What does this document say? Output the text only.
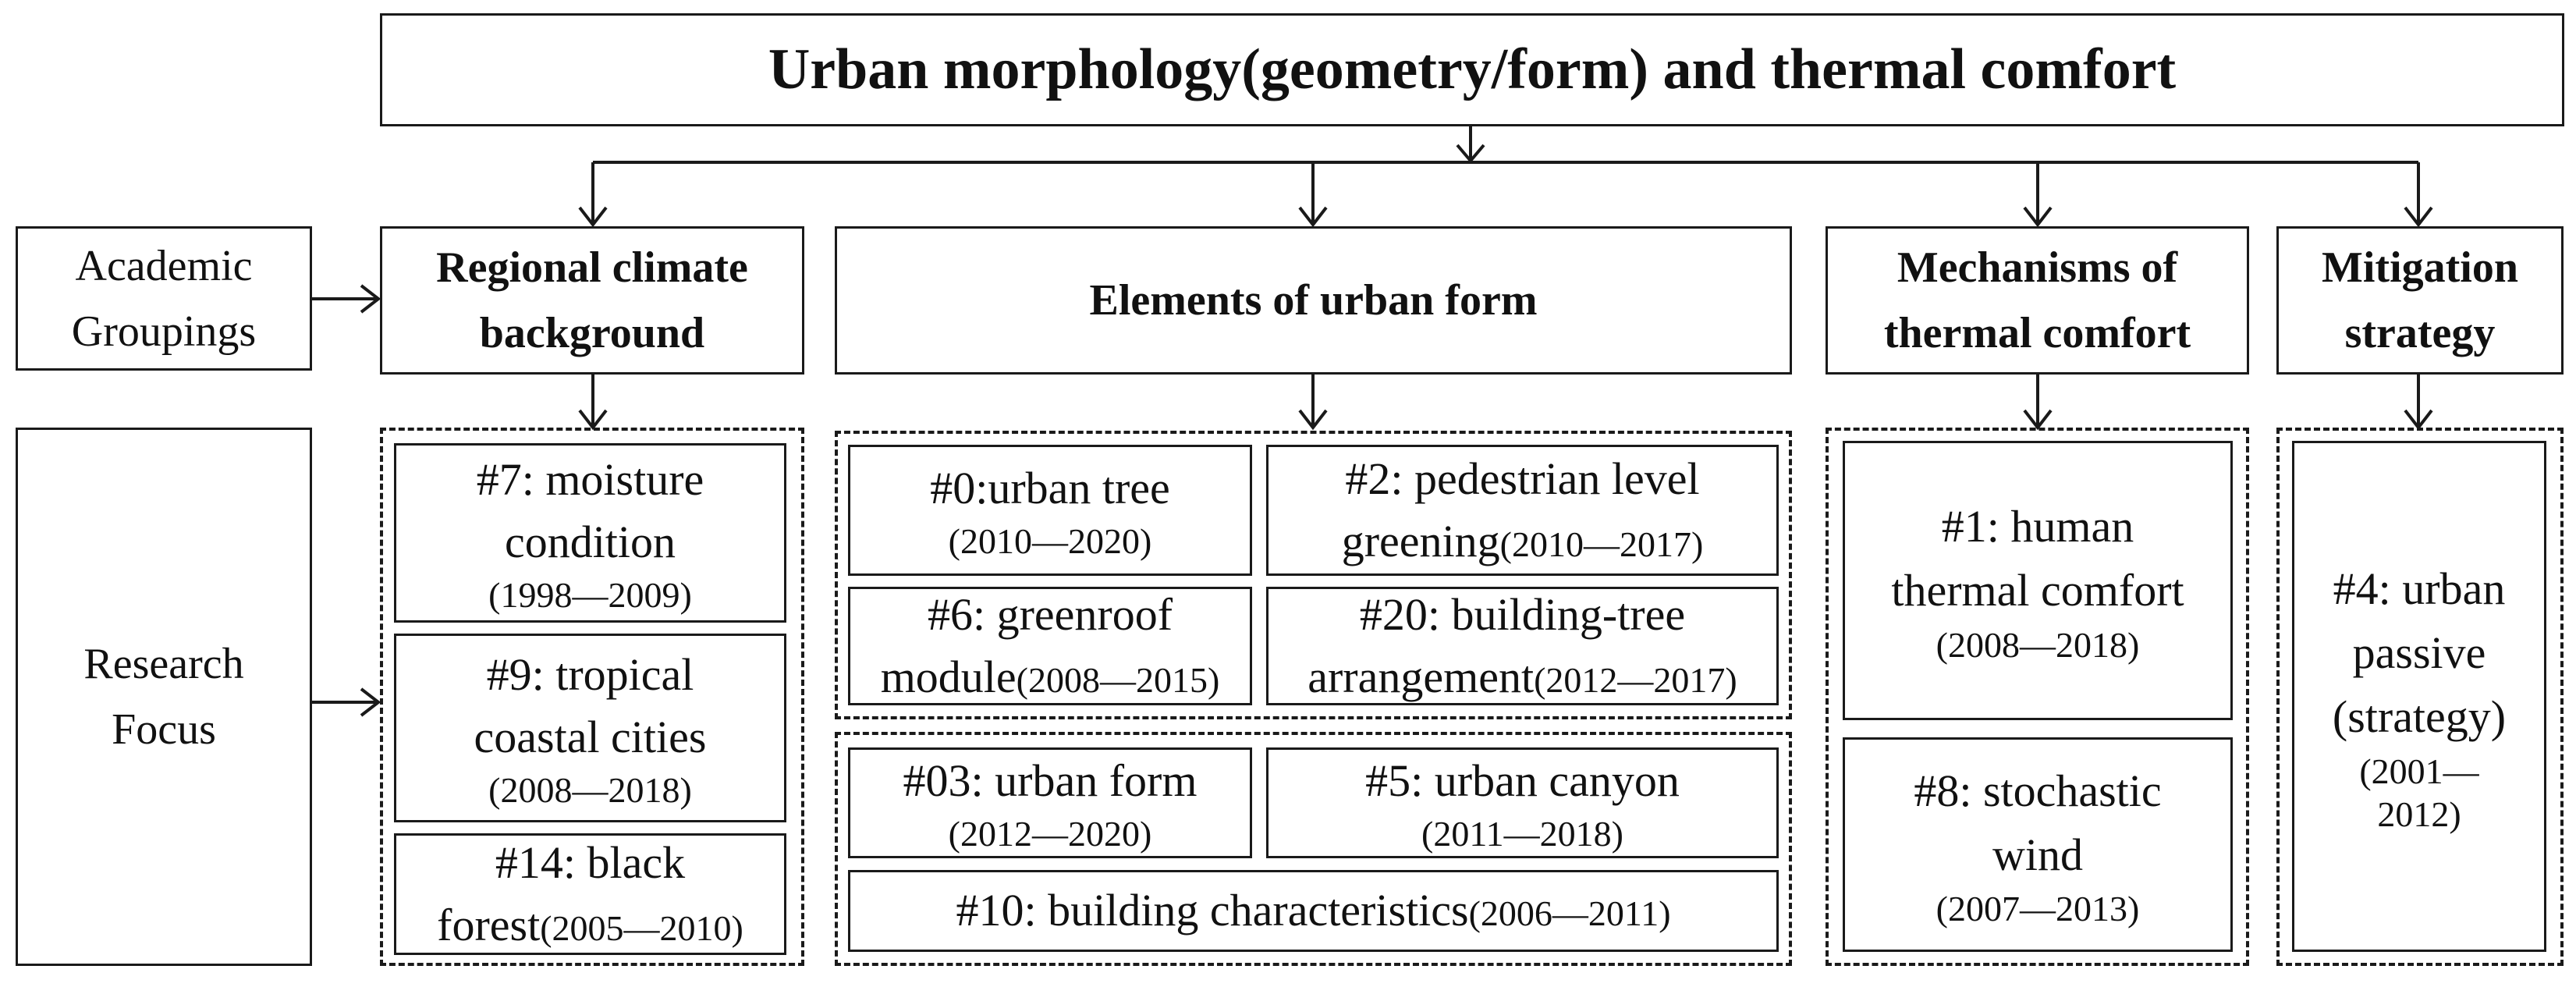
Urban morphology(geometry/form) and thermal comfort
Academic
Groupings
Research
Focus
Regional climate
background
Elements of urban form
Mechanisms of
thermal comfort
Mitigation
strategy
#7: moisture
condition
(1998—2009)
#9: tropical
coastal cities
(2008—2018)
#14: black
forest(2005—2010)
#0:urban tree
(2010—2020)
#2: pedestrian level
greening(2010—2017)
#6: greenroof
module(2008—2015)
#20: building-tree
arrangement(2012—2017)
#03: urban form
(2012—2020)
#5: urban canyon
(2011—2018)
#10: building characteristics(2006—2011)
#1: human
thermal comfort
(2008—2018)
#8: stochastic
wind
(2007—2013)
#4: urban
passive
(strategy)
(2001—
2012)
